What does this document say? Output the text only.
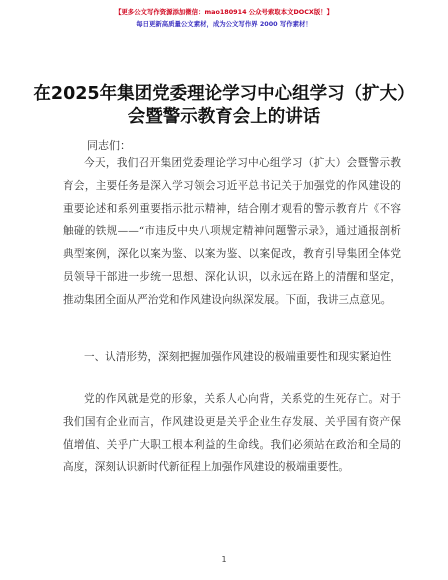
【更多公文写作资源添加微信：mao180914 公众号索取本文DOCX版！】
每日更新高质量公文素材，成为公文写作界 2000 写作素材！
在2025年集团党委理论学习中心组学习（扩大）
会暨警示教育会上的讲话
同志们：
今天，我们召开集团党委理论学习中心组学习（扩大）会暨警示教育会，主要任务是深入学习领会习近平总书记关于加强党的作风建设的重要论述和系列重要指示批示精神，结合刚才观看的警示教育片《不容触碰的铁规——“市违反中央八项规定精神问题警示录》，通过通报剖析典型案例，深化以案为鉴、以案为鉴、以案促改，教育引导集团全体党员领导干部进一步统一思想、深化认识，以永远在路上的清醒和坚定，推动集团全面从严治党和作风建设向纵深发展。下面，我讲三点意见。
一、认清形势，深刻把握加强作风建设的极端重要性和现实紧迫性
党的作风就是党的形象，关系人心向背，关系党的生死存亡。对于我们国有企业而言，作风建设更是关乎企业生存发展、关乎国有资产保值增值、关乎广大职工根本利益的生命线。我们必须站在政治和全局的高度，深刻认识新时代新征程上加强作风建设的极端重要性。
1
